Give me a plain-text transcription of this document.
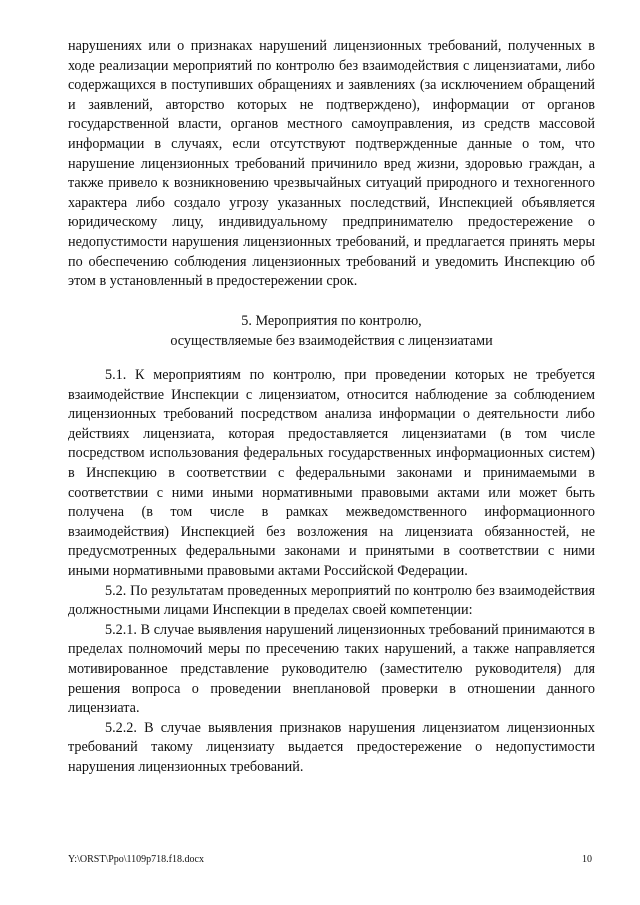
нарушениях или о признаках нарушений лицензионных требований, полученных в ходе реализации мероприятий по контролю без взаимодействия с лицензиатами, либо содержащихся в поступивших обращениях и заявлениях (за исключением обращений и заявлений, авторство которых не подтверждено), информации от органов государственной власти, органов местного самоуправления, из средств массовой информации в случаях, если отсутствуют подтвержденные данные о том, что нарушение лицензионных требований причинило вред жизни, здоровью граждан, а также привело к возникновению чрезвычайных ситуаций природного и техногенного характера либо создало угрозу указанных последствий, Инспекцией объявляется юридическому лицу, индивидуальному предпринимателю предостережение о недопустимости нарушения лицензионных требований, и предлагается принять меры по обеспечению соблюдения лицензионных требований и уведомить Инспекцию об этом в установленный в предостережении срок.

5. Мероприятия по контролю,
осуществляемые без взаимодействия с лицензиатами

5.1. К мероприятиям по контролю, при проведении которых не требуется взаимодействие Инспекции с лицензиатом, относится наблюдение за соблюдением лицензионных требований посредством анализа информации о деятельности либо действиях лицензиата, которая предоставляется лицензиатами (в том числе посредством использования федеральных государственных информационных систем) в Инспекцию в соответствии с федеральными законами и принимаемыми в соответствии с ними иными нормативными правовыми актами или может быть получена (в том числе в рамках межведомственного информационного взаимодействия) Инспекцией без возложения на лицензиата обязанностей, не предусмотренных федеральными законами и принятыми в соответствии с ними иными нормативными правовыми актами Российской Федерации.

5.2. По результатам проведенных мероприятий по контролю без взаимодействия должностными лицами Инспекции в пределах своей компетенции:

5.2.1. В случае выявления нарушений лицензионных требований принимаются в пределах полномочий меры по пресечению таких нарушений, а также направляется мотивированное представление руководителю (заместителю руководителя) для решения вопроса о проведении внеплановой проверки в отношении данного лицензиата.

5.2.2. В случае выявления признаков нарушения лицензиатом лицензионных требований такому лицензиату выдается предостережение о недопустимости нарушения лицензионных требований.

Y:\ORST\Ppo\1109p718.f18.docx	10
